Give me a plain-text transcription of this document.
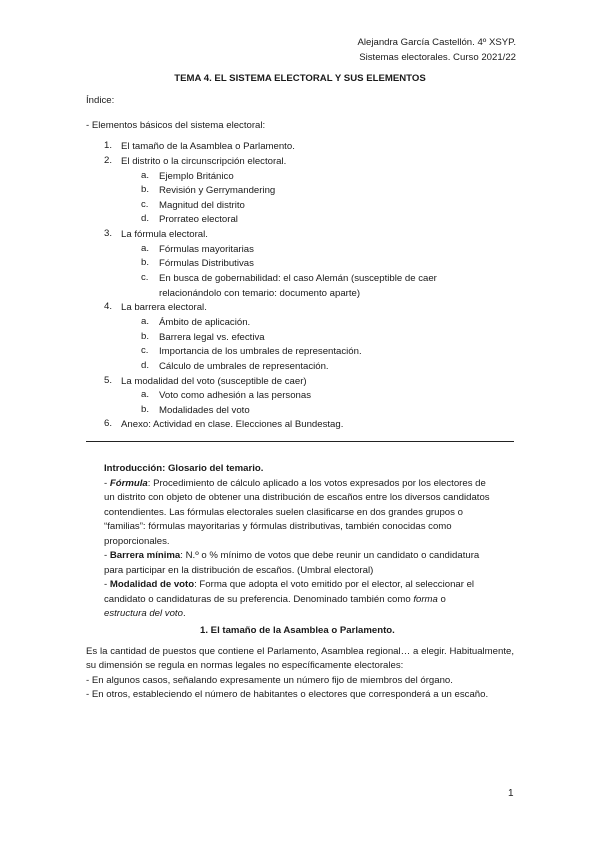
Alejandra García Castellón. 4º XSYP.
Sistemas electorales. Curso 2021/22
TEMA 4. EL SISTEMA ELECTORAL Y SUS ELEMENTOS
Índice:
- Elementos básicos del sistema electoral:
1. El tamaño de la Asamblea o Parlamento.
2. El distrito o la circunscripción electoral.
a. Ejemplo Británico
b. Revisión y Gerrymandering
c. Magnitud del distrito
d. Prorrateo electoral
3. La fórmula electoral.
a. Fórmulas mayoritarias
b. Fórmulas Distributivas
c. En busca de gobernabilidad: el caso Alemán (susceptible de caer
relacionándolo con temario: documento aparte)
4. La barrera electoral.
a. Ámbito de aplicación.
b. Barrera legal vs. efectiva
c. Importancia de los umbrales de representación.
d. Cálculo de umbrales de representación.
5. La modalidad del voto (susceptible de caer)
a. Voto como adhesión a las personas
b. Modalidades del voto
6. Anexo: Actividad en clase. Elecciones al Bundestag.
Introducción: Glosario del temario.
- Fórmula: Procedimiento de cálculo aplicado a los votos expresados por los electores de
un distrito con objeto de obtener una distribución de escaños entre los diversos candidatos
contendientes. Las fórmulas electorales suelen clasificarse en dos grandes grupos o
“familias”: fórmulas mayoritarias y fórmulas distributivas, también conocidas como
proporcionales.
- Barrera mínima: N.º o % mínimo de votos que debe reunir un candidato o candidatura
para participar en la distribución de escaños. (Umbral electoral)
- Modalidad de voto: Forma que adopta el voto emitido por el elector, al seleccionar el
candidato o candidaturas de su preferencia. Denominado también como forma o
estructura del voto.
1. El tamaño de la Asamblea o Parlamento.
Es la cantidad de puestos que contiene el Parlamento, Asamblea regional… a elegir. Habitualmente, su dimensión se regula en normas legales no específicamente electorales:
- En algunos casos, señalando expresamente un número fijo de miembros del órgano.
- En otros, estableciendo el número de habitantes o electores que corresponderá a un escaño.
1
